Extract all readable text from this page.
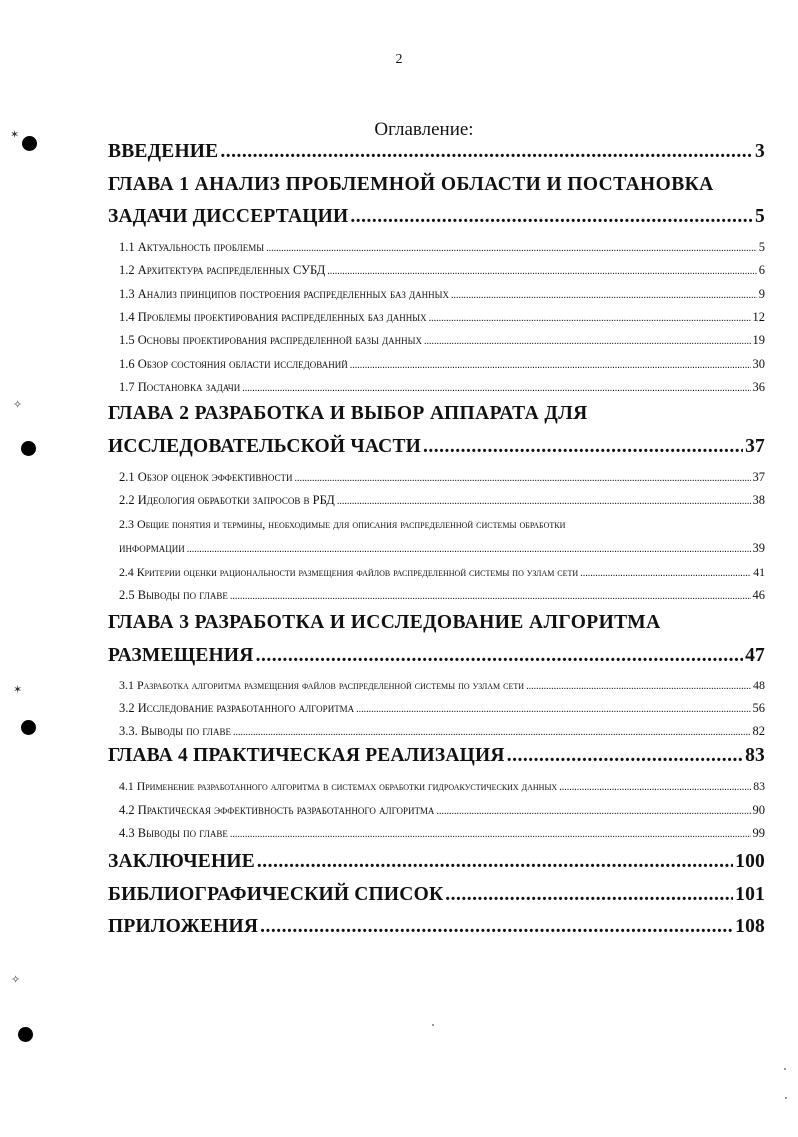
2
Оглавление:
✶
✧
✶
✧
ВВЕДЕНИЕ .....	3
ГЛАВА 1 АНАЛИЗ ПРОБЛЕМНОЙ ОБЛАСТИ И ПОСТАНОВКА
ЗАДАЧИ ДИССЕРТАЦИИ .....	5
1.1 Актуальность проблемы .....	5
1.2 Архитектура распределенных СУБД .....	6
1.3 Анализ принципов построения распределенных баз данных .....	9
1.4 Проблемы проектирования распределенных баз данных .....	12
1.5 Основы проектирования распределенной базы данных .....	19
1.6 Обзор состояния области исследований .....	30
1.7 Постановка задачи .....	36
ГЛАВА 2 РАЗРАБОТКА И ВЫБОР АППАРАТА ДЛЯ
ИССЛЕДОВАТЕЛЬСКОЙ ЧАСТИ .....	37
2.1 Обзор оценок эффективности .....	37
2.2 Идеология обработки запросов в РБД .....	38
2.3 Общие понятия и термины, необходимые для описания распределенной системы обработки
информации .....	39
2.4 Критерии оценки рациональности размещения файлов распределенной системы по узлам сети .....	41
2.5 Выводы по главе .....	46
ГЛАВА 3 РАЗРАБОТКА И ИССЛЕДОВАНИЕ АЛГОРИТМА
РАЗМЕЩЕНИЯ .....	47
3.1 Разработка алгоритма размещения файлов распределенной системы по узлам сети .....	48
3.2 Исследование разработанного алгоритма .....	56
3.3. Выводы по главе .....	82
ГЛАВА 4 ПРАКТИЧЕСКАЯ РЕАЛИЗАЦИЯ .....	83
4.1 Применение разработанного алгоритма в системах обработки гидроакустических данных .....	83
4.2 Практическая эффективность разработанного алгоритма .....	90
4.3 Выводы по главе .....	99
ЗАКЛЮЧЕНИЕ .....	100
БИБЛИОГРАФИЧЕСКИЙ СПИСОК .....	101
ПРИЛОЖЕНИЯ .....	108
